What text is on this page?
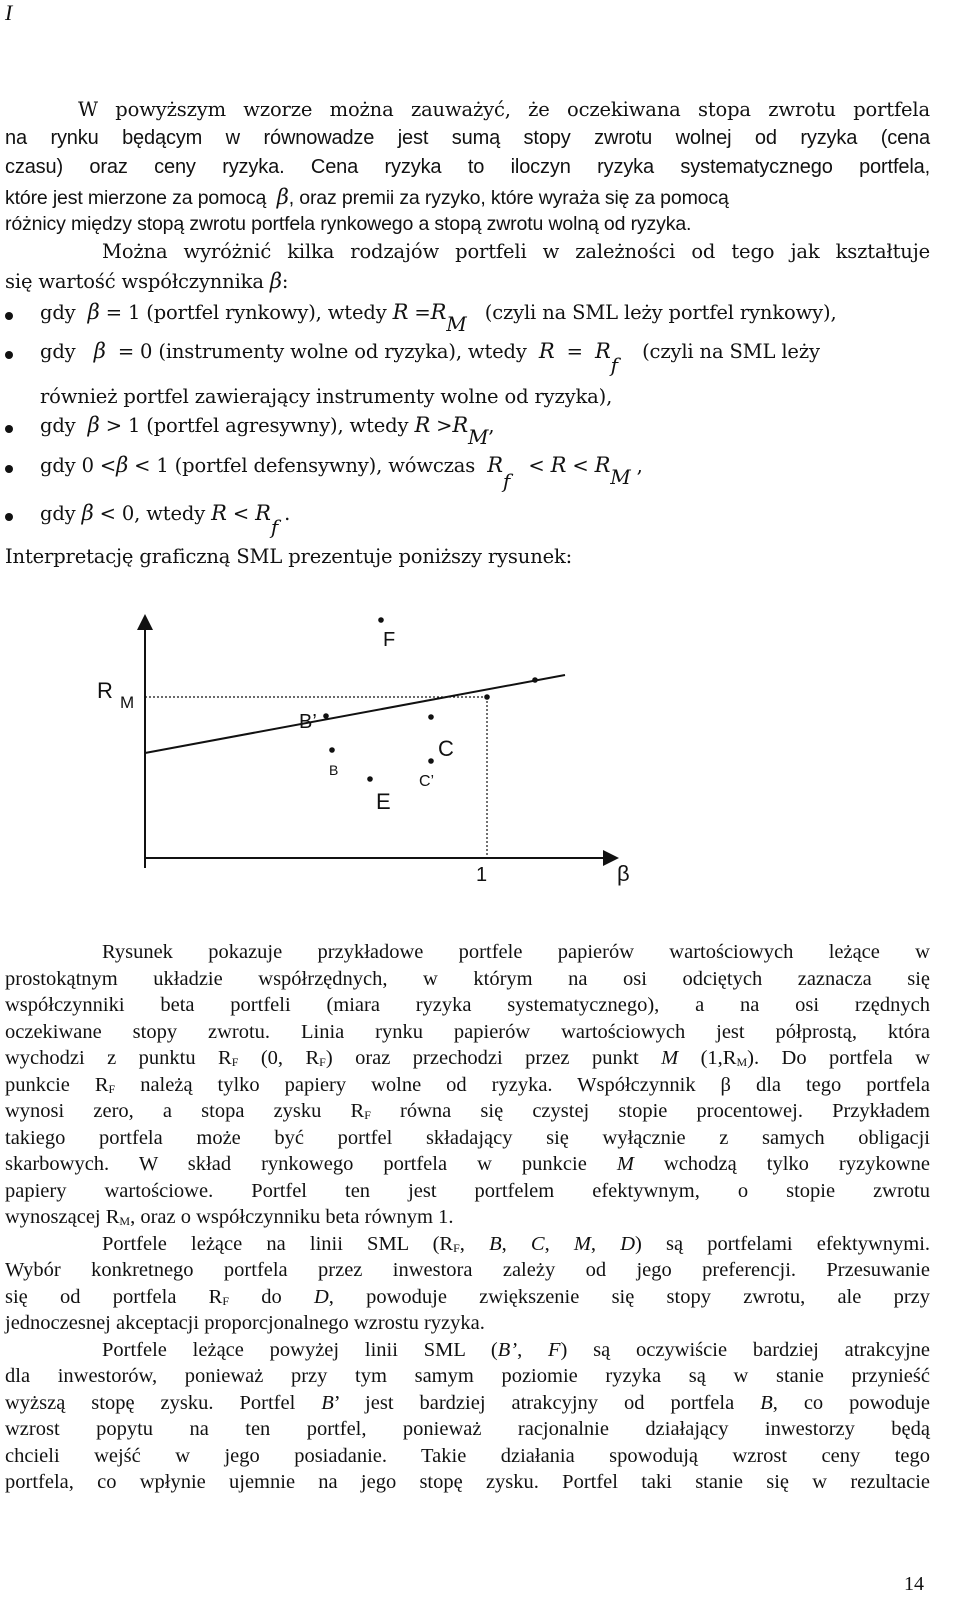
I
W powyższym wzorze można zauważyć, że oczekiwana stopa zwrotu portfela
na rynku będącym w równowadze jest sumą stopy zwrotu wolnej od ryzyka (cena
czasu) oraz ceny ryzyka. Cena ryzyka to iloczyn ryzyka systematycznego portfela,
które jest mierzone za pomocą β, oraz premii za ryzyko, które wyraża się za pomocą
różnicy między stopą zwrotu portfela rynkowego a stopą zwrotu wolną od ryzyka.
Można wyróżnić kilka rodzajów portfeli w zależności od tego jak kształtuje
się wartość współczynnika β:
gdy β = 1 (portfel rynkowy), wtedy R =RM (czyli na SML leży portfel rynkowy),
gdy β = 0 (instrumenty wolne od ryzyka), wtedy R = Rf    (czyli na SML leży
również portfel zawierający instrumenty wolne od ryzyka),
gdy β > 1 (portfel agresywny), wtedy R >RM,
gdy 0 <β < 1 (portfel defensywny), wówczas Rf   < R < RM ,
gdy β < 0, wtedy R < Rf .
Interpretację graficzną SML prezentuje poniższy rysunek:
R M
F
B’
B
E
C
C’
1	β
Rysunek pokazuje przykładowe portfele papierów wartościowych leżące w
prostokątnym układzie współrzędnych, w którym na osi odciętych zaznacza się
współczynniki beta portfeli (miara ryzyka systematycznego), a na osi rzędnych
oczekiwane stopy zwrotu. Linia rynku papierów wartościowych jest półprostą, która
wychodzi z punktu $R_F$ (0, $R_F$) oraz przechodzi przez punkt M $(1,R_M)$. Do portfela w
punkcie $R_F$ należą tylko papiery wolne od ryzyka. Współczynnik β dla tego portfela
wynosi zero, a stopa zysku $R_F$ równa się czystej stopie procentowej. Przykładem
takiego portfela może być portfel składający się wyłącznie z samych obligacji
skarbowych. W skład rynkowego portfela w punkcie M wchodzą tylko ryzykowne
papiery wartościowe. Portfel ten jest portfelem efektywnym, o stopie zwrotu
wynoszącej $R_M$, oraz o współczynniku beta równym 1.
Portfele leżące na linii SML ($R_F$, B, C, M, D) są portfelami efektywnymi.
Wybór konkretnego portfela przez inwestora zależy od jego preferencji. Przesuwanie
się od portfela $R_F$ do D, powoduje zwiększenie się stopy zwrotu, ale przy
jednoczesnej akceptacji proporcjonalnego wzrostu ryzyka.
Portfele leżące powyżej linii SML (B’, F) są oczywiście bardziej atrakcyjne
dla inwestorów, ponieważ przy tym samym poziomie ryzyka są w stanie przynieść
wyższą stopę zysku. Portfel B’ jest bardziej atrakcyjny od portfela B, co powoduje
wzrost popytu na ten portfel, ponieważ racjonalnie działający inwestorzy będą
chcieli wejść w jego posiadanie. Takie działania spowodują wzrost ceny tego
portfela, co wpłynie ujemnie na jego stopę zysku. Portfel taki stanie się w rezultacie
14
